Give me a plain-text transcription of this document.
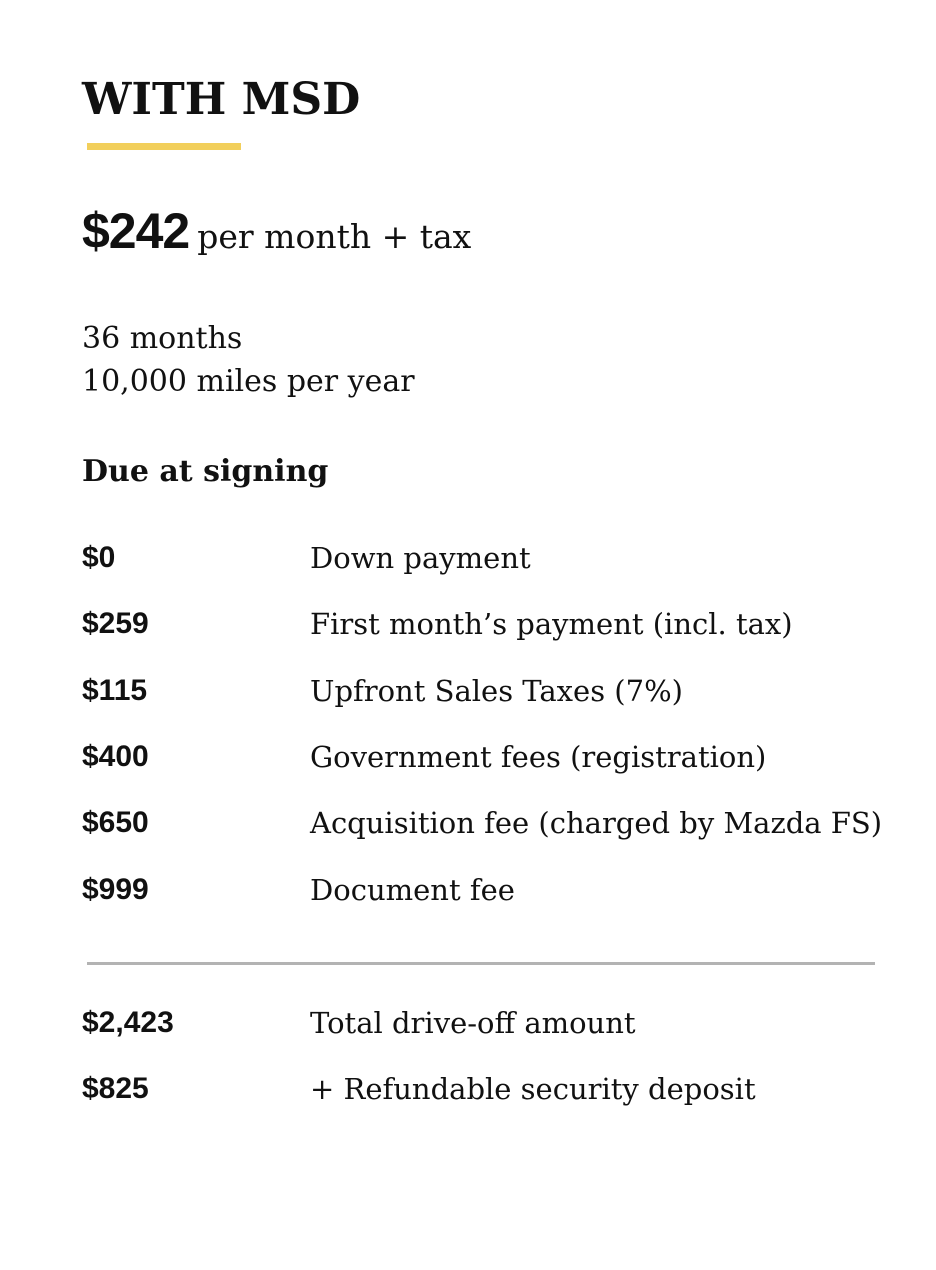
WITH MSD
$242 per month + tax
36 months
10,000 miles per year
Due at signing
$0	Down payment
$259	First month’s payment (incl. tax)
$115	Upfront Sales Taxes (7%)
$400	Government fees (registration)
$650	Acquisition fee (charged by Mazda FS)
$999	Document fee
$2,423	Total drive-off amount
$825	+ Refundable security deposit
